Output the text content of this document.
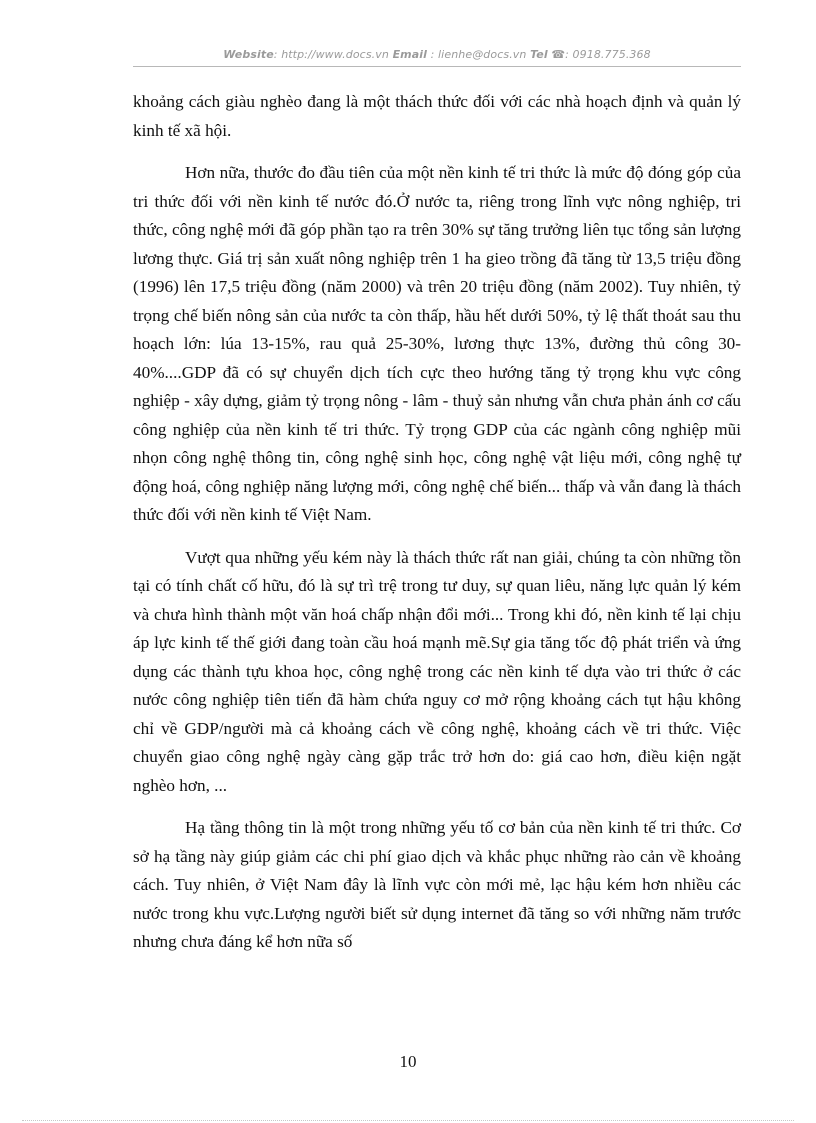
Website: http://www.docs.vn Email : lienhe@docs.vn Tel ☎: 0918.775.368

khoảng cách giàu nghèo đang là một thách thức đối với các nhà hoạch định và quản lý kinh tế xã hội.

Hơn nữa, thước đo đầu tiên của một nền kinh tế tri thức là mức độ đóng góp của tri thức đối với nền kinh tế nước đó.Ở nước ta, riêng trong lĩnh vực nông nghiệp, tri thức, công nghệ mới đã góp phần tạo ra trên 30% sự tăng trưởng liên tục tổng sản lượng lương thực. Giá trị sản xuất nông nghiệp trên 1 ha gieo trồng đã tăng từ 13,5 triệu đồng (1996) lên 17,5 triệu đồng (năm 2000) và trên 20 triệu đồng (năm 2002). Tuy nhiên, tỷ trọng chế biến nông sản của nước ta còn thấp, hầu hết dưới 50%, tỷ lệ thất thoát sau thu hoạch lớn: lúa 13-15%, rau quả 25-30%, lương thực 13%, đường thủ công 30-40%....GDP đã có sự chuyển dịch tích cực theo hướng tăng tỷ trọng khu vực công nghiệp - xây dựng, giảm tỷ trọng nông - lâm - thuỷ sản nhưng vẫn chưa phản ánh cơ cấu công nghiệp của nền kinh tế tri thức. Tỷ trọng GDP của các ngành công nghiệp mũi nhọn công nghệ thông tin, công nghệ sinh học, công nghệ vật liệu mới, công nghệ tự động hoá, công nghiệp năng lượng mới, công nghệ chế biến... thấp và vẫn đang là thách thức đối với nền kinh tế Việt Nam.

Vượt qua những yếu kém này là thách thức rất nan giải, chúng ta còn những tồn tại có tính chất cố hữu, đó là sự trì trệ trong tư duy, sự quan liêu, năng lực quản lý kém và chưa hình thành một văn hoá chấp nhận đổi mới... Trong khi đó, nền kinh tế lại chịu áp lực kinh tế thế giới đang toàn cầu hoá mạnh mẽ.Sự gia tăng tốc độ phát triển và ứng dụng các thành tựu khoa học, công nghệ trong các nền kinh tế dựa vào tri thức ở các nước công nghiệp tiên tiến đã hàm chứa nguy cơ mở rộng khoảng cách tụt hậu không chỉ về GDP/người mà cả khoảng cách về công nghệ, khoảng cách về tri thức. Việc chuyển giao công nghệ ngày càng gặp trắc trở hơn do: giá cao hơn, điều kiện ngặt nghèo hơn, ...

Hạ tầng thông tin là một trong những yếu tố cơ bản của nền kinh tế tri thức. Cơ sở hạ tầng này giúp giảm các chi phí giao dịch và khắc phục những rào cản về khoảng cách. Tuy nhiên, ở Việt Nam đây là lĩnh vực còn mới mẻ, lạc hậu kém hơn nhiều các nước trong khu vực.Lượng người biết sử dụng internet đã tăng so với những năm trước nhưng chưa đáng kể hơn nữa số

10
